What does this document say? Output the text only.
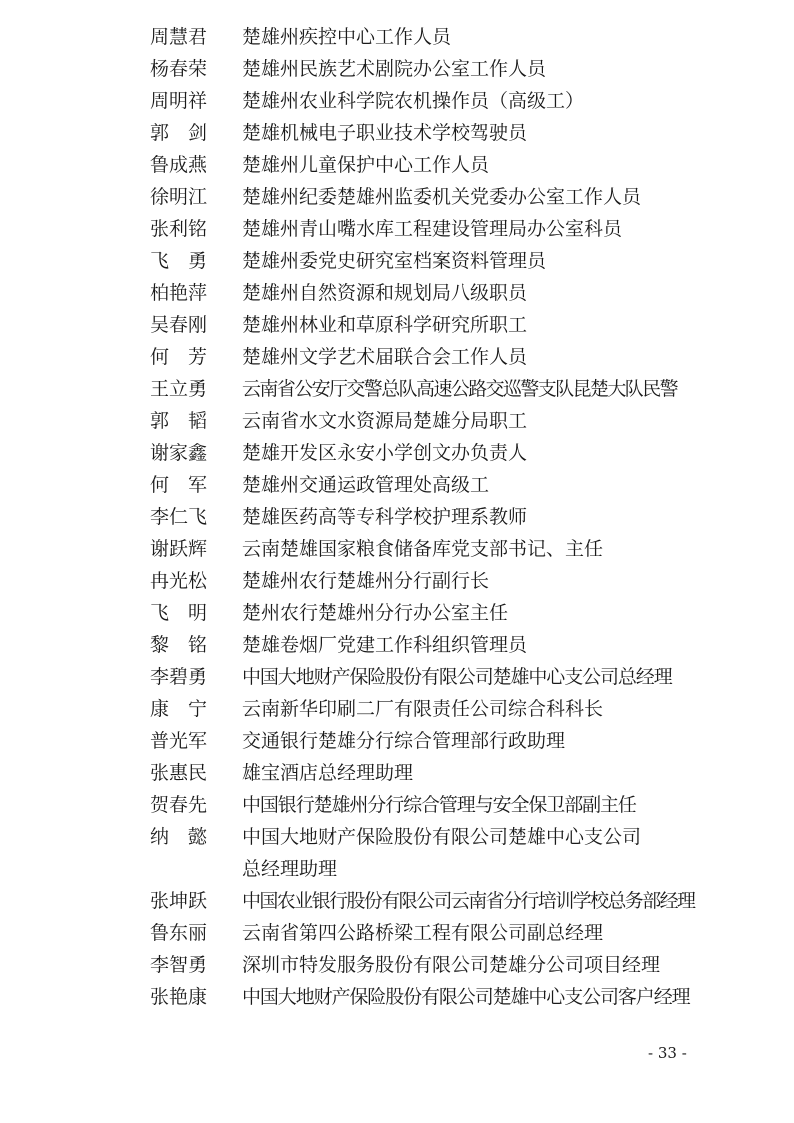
周慧君	楚雄州疾控中心工作人员
杨春荣	楚雄州民族艺术剧院办公室工作人员
周明祥	楚雄州农业科学院农机操作员（高级工）
郭剑 楚雄机械电子职业技术学校驾驶员
鲁成燕	楚雄州儿童保护中心工作人员
徐明江	楚雄州纪委楚雄州监委机关党委办公室工作人员
张利铭	楚雄州青山嘴水库工程建设管理局办公室科员
飞勇 楚雄州委党史研究室档案资料管理员
柏艳萍	楚雄州自然资源和规划局八级职员
吴春刚	楚雄州林业和草原科学研究所职工
何芳 楚雄州文学艺术届联合会工作人员
王立勇	云南省公安厅交警总队高速公路交巡警支队昆楚大队民警
郭韬 云南省水文水资源局楚雄分局职工
谢家鑫	楚雄开发区永安小学创文办负责人
何军 楚雄州交通运政管理处高级工
李仁飞	楚雄医药高等专科学校护理系教师
谢跃辉	云南楚雄国家粮食储备库党支部书记、主任
冉光松	楚雄州农行楚雄州分行副行长
飞明 楚州农行楚雄州分行办公室主任
黎铭 楚雄卷烟厂党建工作科组织管理员
李碧勇	中国大地财产保险股份有限公司楚雄中心支公司总经理
康宁 云南新华印刷二厂有限责任公司综合科科长
普光军	交通银行楚雄分行综合管理部行政助理
张惠民	雄宝酒店总经理助理
贺春先	中国银行楚雄州分行综合管理与安全保卫部副主任
纳懿 中国大地财产保险股份有限公司楚雄中心支公司
总经理助理
张坤跃	中国农业银行股份有限公司云南省分行培训学校总务部经理
鲁东丽	云南省第四公路桥梁工程有限公司副总经理
李智勇	深圳市特发服务股份有限公司楚雄分公司项目经理
张艳康	中国大地财产保险股份有限公司楚雄中心支公司客户经理
- 33 -
